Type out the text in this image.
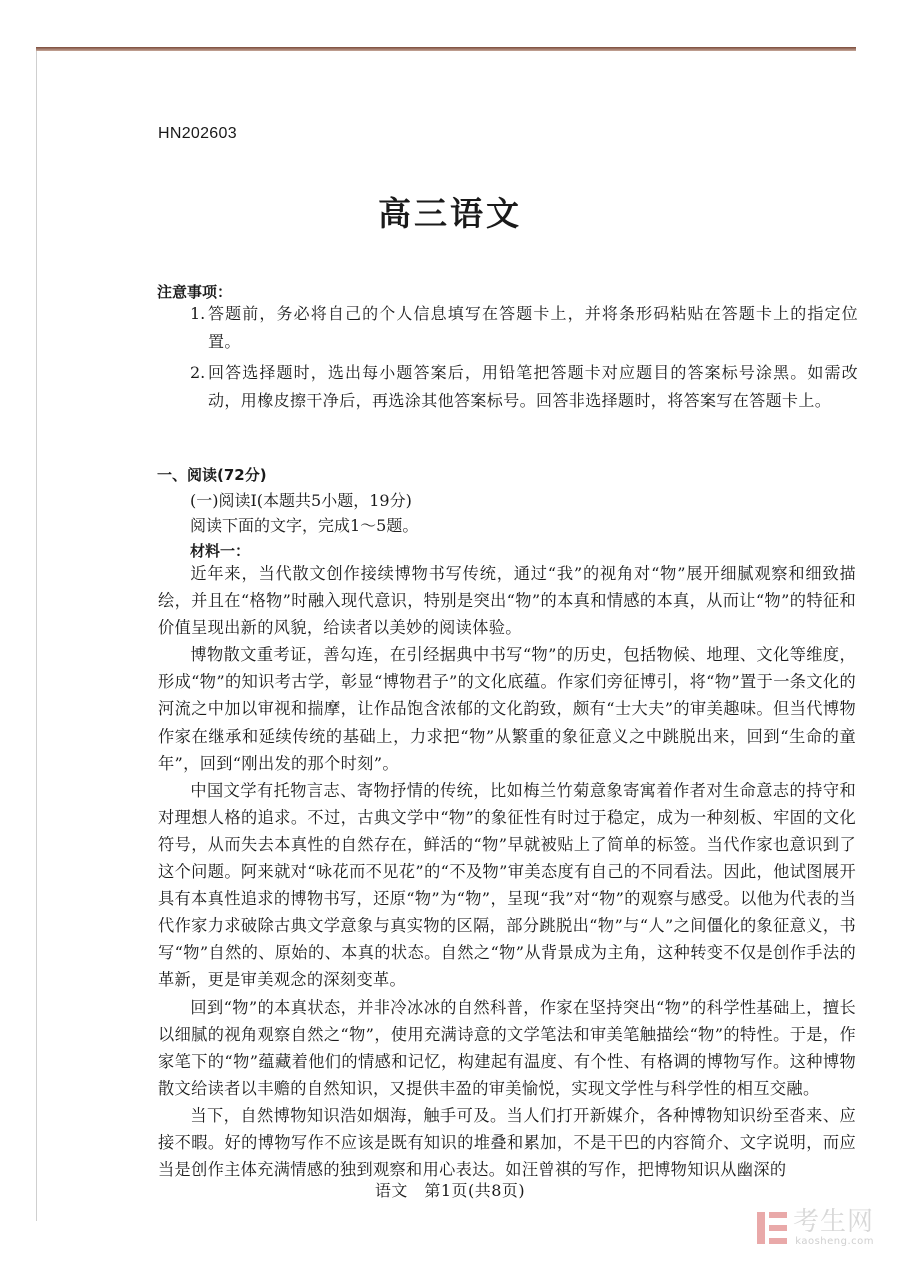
HN202603
高三语文
注意事项：
1. 答题前，务必将自己的个人信息填写在答题卡上，并将条形码粘贴在答题卡上的指定位置。
2. 回答选择题时，选出每小题答案后，用铅笔把答题卡对应题目的答案标号涂黑。如需改动，用橡皮擦干净后，再选涂其他答案标号。回答非选择题时，将答案写在答题卡上。
一、阅读(72分)
(一)阅读Ⅰ(本题共5小题，19分)
阅读下面的文字，完成1～5题。
材料一：

近年来，当代散文创作接续博物书写传统，通过“我”的视角对“物”展开细腻观察和细致描绘，并且在“格物”时融入现代意识，特别是突出“物”的本真和情感的本真，从而让“物”的特征和价值呈现出新的风貌，给读者以美妙的阅读体验。

博物散文重考证，善勾连，在引经据典中书写“物”的历史，包括物候、地理、文化等维度，形成“物”的知识考古学，彰显“博物君子”的文化底蕴。作家们旁征博引，将“物”置于一条文化的河流之中加以审视和揣摩，让作品饱含浓郁的文化韵致，颇有“士大夫”的审美趣味。但当代博物作家在继承和延续传统的基础上，力求把“物”从繁重的象征意义之中跳脱出来，回到“生命的童年”，回到“刚出发的那个时刻”。

中国文学有托物言志、寄物抒情的传统，比如梅兰竹菊意象寄寓着作者对生命意志的持守和对理想人格的追求。不过，古典文学中“物”的象征性有时过于稳定，成为一种刻板、牢固的文化符号，从而失去本真性的自然存在，鲜活的“物”早就被贴上了简单的标签。当代作家也意识到了这个问题。阿来就对“咏花而不见花”的“不及物”审美态度有自己的不同看法。因此，他试图展开具有本真性追求的博物书写，还原“物”为“物”，呈现“我”对“物”的观察与感受。以他为代表的当代作家力求破除古典文学意象与真实物的区隔，部分跳脱出“物”与“人”之间僵化的象征意义，书写“物”自然的、原始的、本真的状态。自然之“物”从背景成为主角，这种转变不仅是创作手法的革新，更是审美观念的深刻变革。

回到“物”的本真状态，并非冷冰冰的自然科普，作家在坚持突出“物”的科学性基础上，擅长以细腻的视角观察自然之“物”，使用充满诗意的文学笔法和审美笔触描绘“物”的特性。于是，作家笔下的“物”蕴藏着他们的情感和记忆，构建起有温度、有个性、有格调的博物写作。这种博物散文给读者以丰赡的自然知识，又提供丰盈的审美愉悦，实现文学性与科学性的相互交融。

当下，自然博物知识浩如烟海，触手可及。当人们打开新媒介，各种博物知识纷至沓来、应接不暇。好的博物写作不应该是既有知识的堆叠和累加，不是干巴的内容简介、文字说明，而应当是创作主体充满情感的独到观察和用心表达。如汪曾祺的写作，把博物知识从幽深的

语文　第1页(共8页)
考生网
kaosheng.com
